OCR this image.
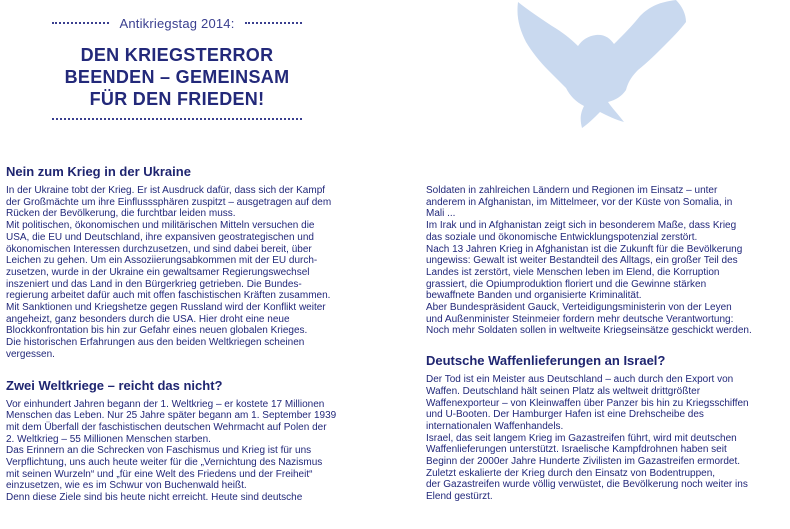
Antikriegstag 2014:
DEN KRIEGSTERROR
BEENDEN – GEMEINSAM
FÜR DEN FRIEDEN!
Nein zum Krieg in der Ukraine
In der Ukraine tobt der Krieg. Er ist Ausdruck dafür, dass sich der Kampf
der Großmächte um ihre Einflusssphären zuspitzt – ausgetragen auf dem
Rücken der Bevölkerung, die furchtbar leiden muss.
Mit politischen, ökonomischen und militärischen Mitteln versuchen die
USA, die EU und Deutschland, ihre expansiven geostrategischen und
ökonomischen Interessen durchzusetzen, und sind dabei bereit, über
Leichen zu gehen. Um ein Assoziierungsabkommen mit der EU durch-
zusetzen, wurde in der Ukraine ein gewaltsamer Regierungswechsel
inszeniert und das Land in den Bürgerkrieg getrieben. Die Bundes-
regierung arbeitet dafür auch mit offen faschistischen Kräften zusammen.
Mit Sanktionen und Kriegshetze gegen Russland wird der Konflikt weiter
angeheizt, ganz besonders durch die USA. Hier droht eine neue
Blockkonfrontation bis hin zur Gefahr eines neuen globalen Krieges.
Die historischen Erfahrungen aus den beiden Weltkriegen scheinen
vergessen.
Zwei Weltkriege – reicht das nicht?
Vor einhundert Jahren begann der 1. Weltkrieg – er kostete 17 Millionen
Menschen das Leben. Nur 25 Jahre später begann am 1. September 1939
mit dem Überfall der faschistischen deutschen Wehrmacht auf Polen der
2. Weltkrieg – 55 Millionen Menschen starben.
Das Erinnern an die Schrecken von Faschismus und Krieg ist für uns
Verpflichtung, uns auch heute weiter für die „Vernichtung des Nazismus
mit seinen Wurzeln“ und „für eine Welt des Friedens und der Freiheit“
einzusetzen, wie es im Schwur von Buchenwald heißt.
Denn diese Ziele sind bis heute nicht erreicht. Heute sind deutsche
Soldaten in zahlreichen Ländern und Regionen im Einsatz – unter
anderem in Afghanistan, im Mittelmeer, vor der Küste von Somalia, in
Mali ...
Im Irak und in Afghanistan zeigt sich in besonderem Maße, dass Krieg
das soziale und ökonomische Entwicklungspotenzial zerstört.
Nach 13 Jahren Krieg in Afghanistan ist die Zukunft für die Bevölkerung
ungewiss: Gewalt ist weiter Bestandteil des Alltags, ein großer Teil des
Landes ist zerstört, viele Menschen leben im Elend, die Korruption
grassiert, die Opiumproduktion floriert und die Gewinne stärken
bewaffnete Banden und organisierte Kriminalität.
Aber Bundespräsident Gauck, Verteidigungsministerin von der Leyen
und Außenminister Steinmeier fordern mehr deutsche Verantwortung:
Noch mehr Soldaten sollen in weltweite Kriegseinsätze geschickt werden.
Deutsche Waffenlieferungen an Israel?
Der Tod ist ein Meister aus Deutschland – auch durch den Export von
Waffen. Deutschland hält seinen Platz als weltweit drittgrößter
Waffenexporteur – von Kleinwaffen über Panzer bis hin zu Kriegsschiffen
und U-Booten. Der Hamburger Hafen ist eine Drehscheibe des
internationalen Waffenhandels.
Israel, das seit langem Krieg im Gazastreifen führt, wird mit deutschen
Waffenlieferungen unterstützt. Israelische Kampfdrohnen haben seit
Beginn der 2000er Jahre Hunderte Zivilisten im Gazastreifen ermordet.
Zuletzt eskalierte der Krieg durch den Einsatz von Bodentruppen,
der Gazastreifen wurde völlig verwüstet, die Bevölkerung noch weiter ins
Elend gestürzt.
